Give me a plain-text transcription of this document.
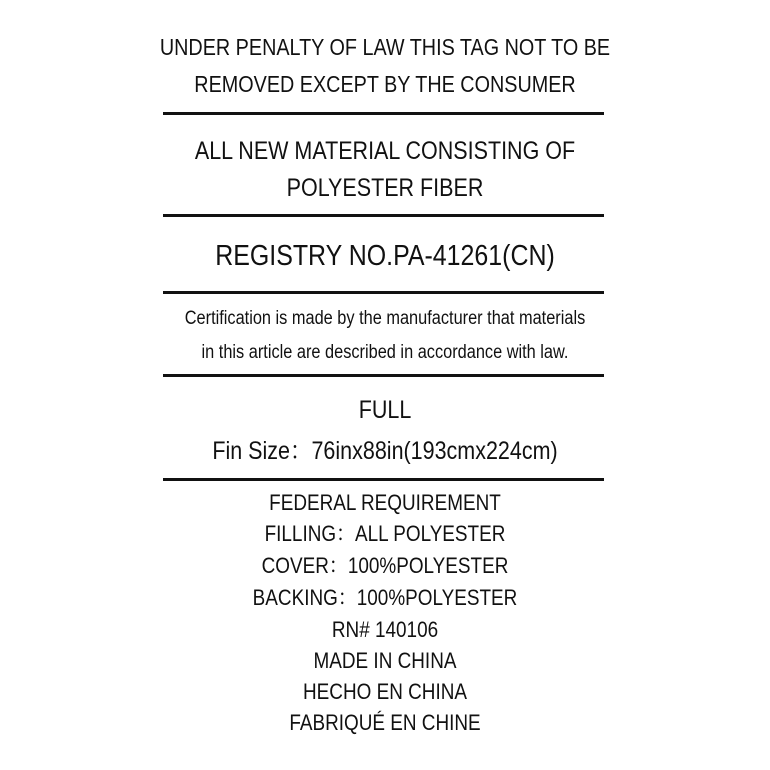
UNDER PENALTY OF LAW THIS TAG NOT TO BE
REMOVED EXCEPT BY THE CONSUMER
ALL NEW MATERIAL CONSISTING OF
POLYESTER FIBER
REGISTRY NO.PA-41261(CN)
Certification is made by the manufacturer that materials
in this article are described in accordance with law.
FULL
Fin Size：76inx88in(193cmx224cm)
FEDERAL REQUIREMENT
FILLING：ALL POLYESTER
COVER：100%POLYESTER
BACKING：100%POLYESTER
RN# 140106
MADE IN CHINA
HECHO EN CHINA
FABRIQUÉ EN CHINE
